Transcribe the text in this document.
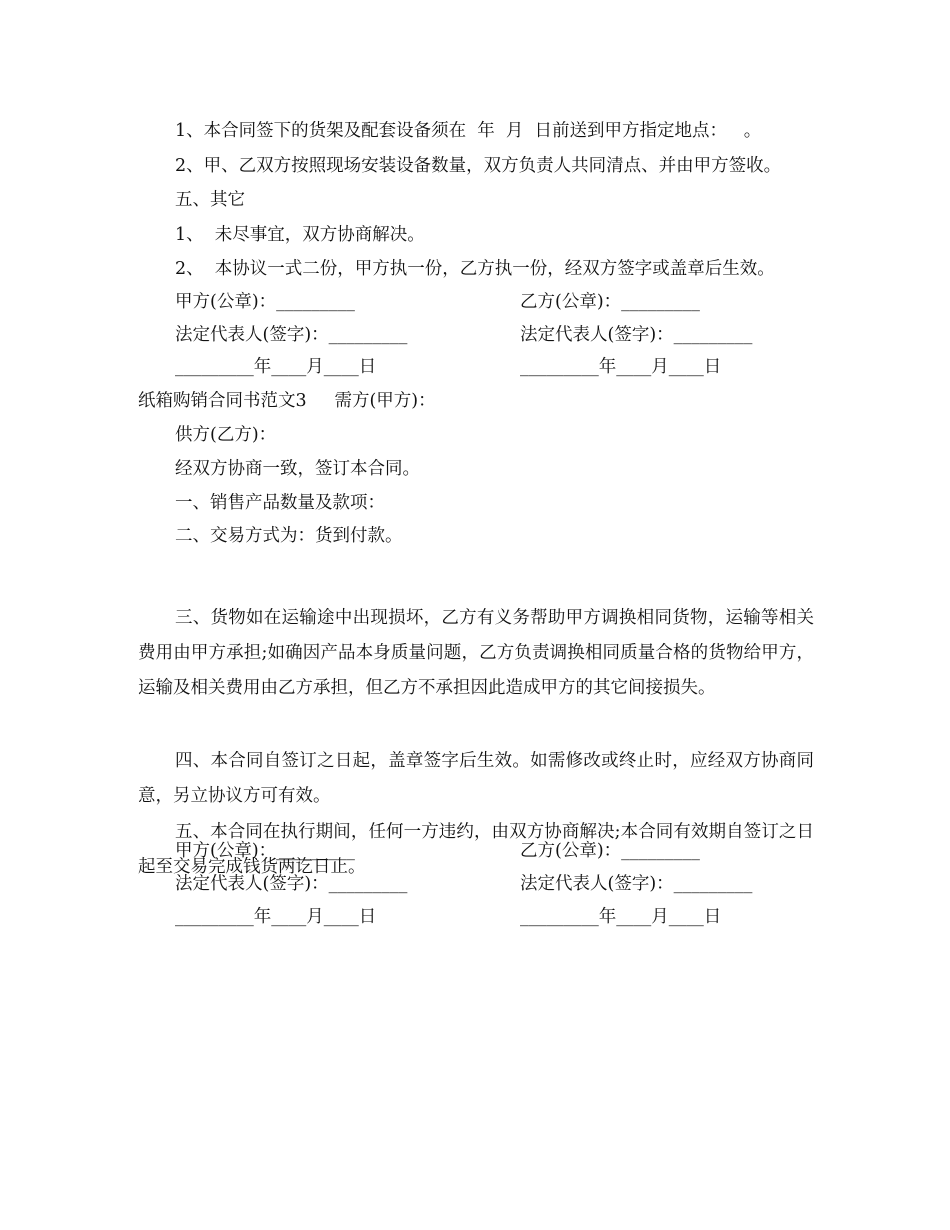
1、本合同签下的货架及配套设备须在  年  月  日前送到甲方指定地点：   。
2、甲、乙双方按照现场安装设备数量，双方负责人共同清点、并由甲方签收。
五、其它
1、  未尽事宜，双方协商解决。
2、  本协议一式二份，甲方执一份，乙方执一份，经双方签字或盖章后生效。
甲方(公章)：_________	乙方(公章)：_________
法定代表人(签字)：_________	法定代表人(签字)：_________
_________年____月____日	_________年____月____日
纸箱购销合同书范文3     需方(甲方)：
供方(乙方)：
经双方协商一致，签订本合同。
一、销售产品数量及款项：
二、交易方式为：货到付款。

三、货物如在运输途中出现损坏，乙方有义务帮助甲方调换相同货物，运输等相关费用由甲方承担;如确因产品本身质量问题，乙方负责调换相同质量合格的货物给甲方，运输及相关费用由乙方承担，但乙方不承担因此造成甲方的其它间接损失。

四、本合同自签订之日起，盖章签字后生效。如需修改或终止时，应经双方协商同意，另立协议方可有效。

五、本合同在执行期间，任何一方违约，由双方协商解决;本合同有效期自签订之日起至交易完成钱货两讫日止。

甲方(公章)：_________	乙方(公章)：_________
法定代表人(签字)：_________	法定代表人(签字)：_________
_________年____月____日	_________年____月____日
